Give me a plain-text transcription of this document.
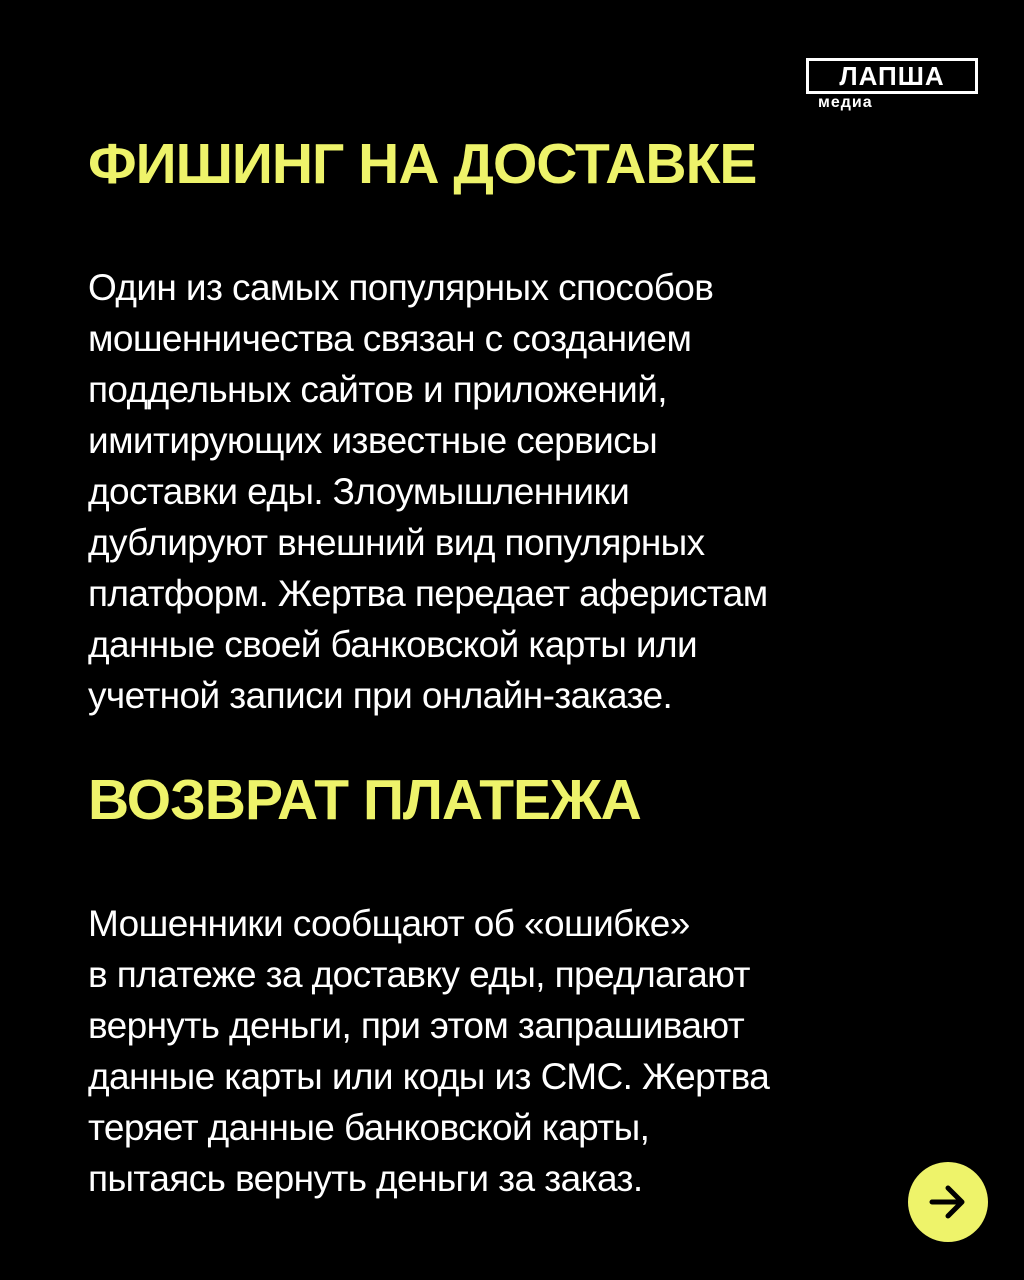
ЛАПША
медиа
ФИШИНГ НА ДОСТАВКЕ

Один из самых популярных способов
мошенничества связан с созданием
поддельных сайтов и приложений,
имитирующих известные сервисы
доставки еды. Злоумышленники
дублируют внешний вид популярных
платформ. Жертва передает аферистам
данные своей банковской карты или
учетной записи при онлайн-заказе.

ВОЗВРАТ ПЛАТЕЖА

Мошенники сообщают об «ошибке»
в платеже за доставку еды, предлагают
вернуть деньги, при этом запрашивают
данные карты или коды из СМС. Жертва
теряет данные банковской карты,
пытаясь вернуть деньги за заказ.
